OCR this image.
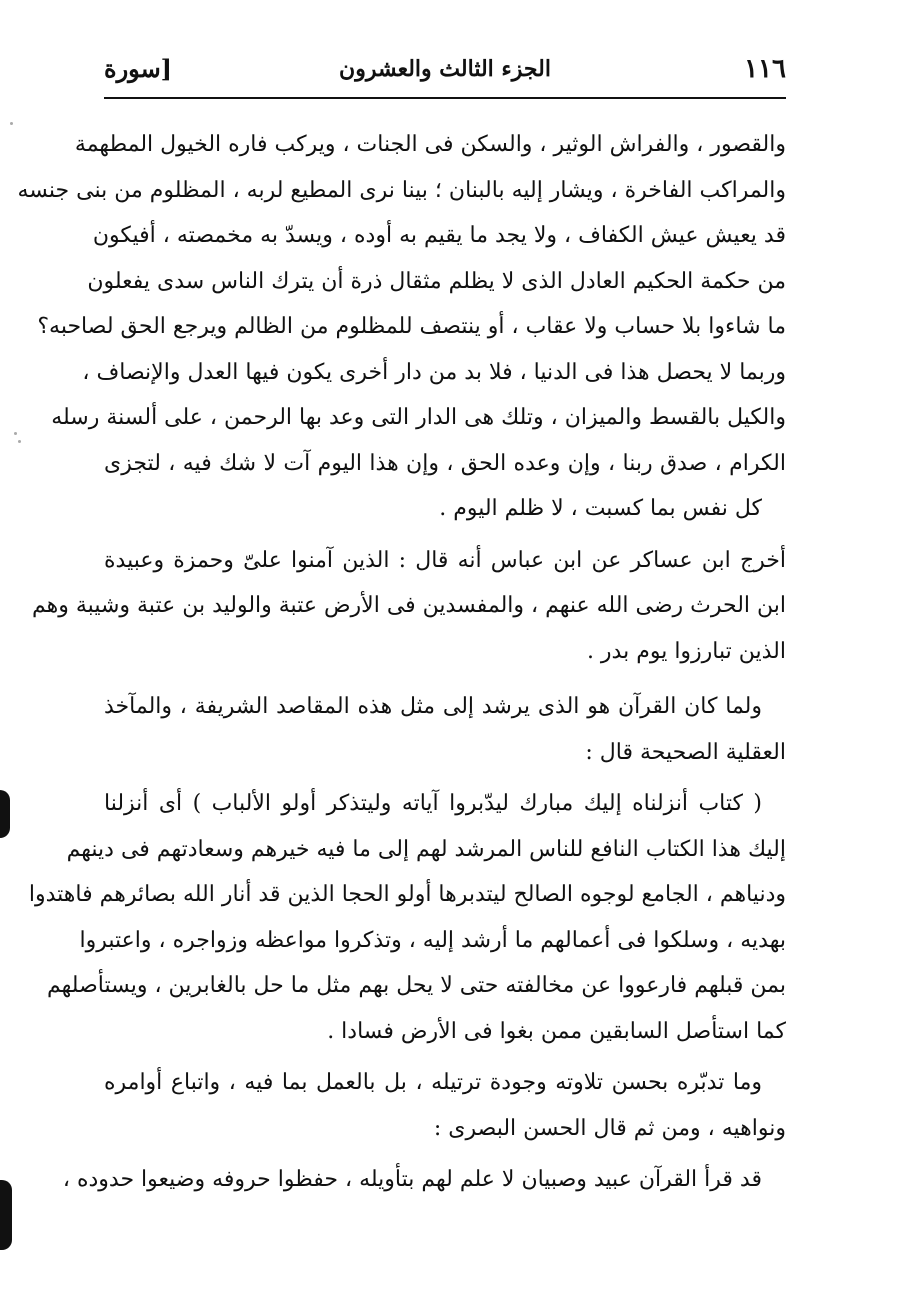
١١٦
الجزء الثالث والعشرون
[سورة
والقصور ، والفراش الوثير ، والسكن فى الجنات ، ويركب فاره الخيول المطهمة
والمراكب الفاخرة ، ويشار إليه بالبنان ؛ بينا نرى المطيع لربه ، المظلوم من بنى جنسه
قد يعيش عيش الكفاف ، ولا يجد ما يقيم به أوده ، ويسدّ به مخمصته ، أفيكون
من حكمة الحكيم العادل الذى لا يظلم مثقال ذرة أن يترك الناس سدى يفعلون
ما شاءوا بلا حساب ولا عقاب ، أو ينتصف للمظلوم من الظالم ويرجع الحق لصاحبه؟
وربما لا يحصل هذا فى الدنيا ، فلا بد من دار أخرى يكون فيها العدل والإنصاف ،
والكيل بالقسط والميزان ، وتلك هى الدار التى وعد بها الرحمن ، على ألسنة رسله
الكرام ، صدق ربنا ، وإن وعده الحق ، وإن هذا اليوم آت لا شك فيه ، لتجزى
كل نفس بما كسبت ، لا ظلم اليوم .
أخرج ابن عساكر عن ابن عباس أنه قال : الذين آمنوا علىّ وحمزة وعبيدة
ابن الحرث رضى الله عنهم ، والمفسدين فى الأرض عتبة والوليد بن عتبة وشيبة وهم
الذين تبارزوا يوم بدر .
ولما كان القرآن هو الذى يرشد إلى مثل هذه المقاصد الشريفة ، والمآخذ
العقلية الصحيحة قال :
( كتاب أنزلناه إليك مبارك ليدّبروا آياته وليتذكر أولو الألباب ) أى أنزلنا
إليك هذا الكتاب النافع للناس المرشد لهم إلى ما فيه خيرهم وسعادتهم فى دينهم
ودنياهم ، الجامع لوجوه الصالح ليتدبرها أولو الحجا الذين قد أنار الله بصائرهم فاهتدوا
بهديه ، وسلكوا فى أعمالهم ما أرشد إليه ، وتذكروا مواعظه وزواجره ، واعتبروا
بمن قبلهم فارعووا عن مخالفته حتى لا يحل بهم مثل ما حل بالغابرين ، ويستأصلهم
كما استأصل السابقين ممن بغوا فى الأرض فسادا .
وما تدبّره بحسن تلاوته وجودة ترتيله ، بل بالعمل بما فيه ، واتباع أوامره
ونواهيه ، ومن ثم قال الحسن البصرى :
قد قرأ القرآن عبيد وصبيان لا علم لهم بتأويله ، حفظوا حروفه وضيعوا حدوده ،
